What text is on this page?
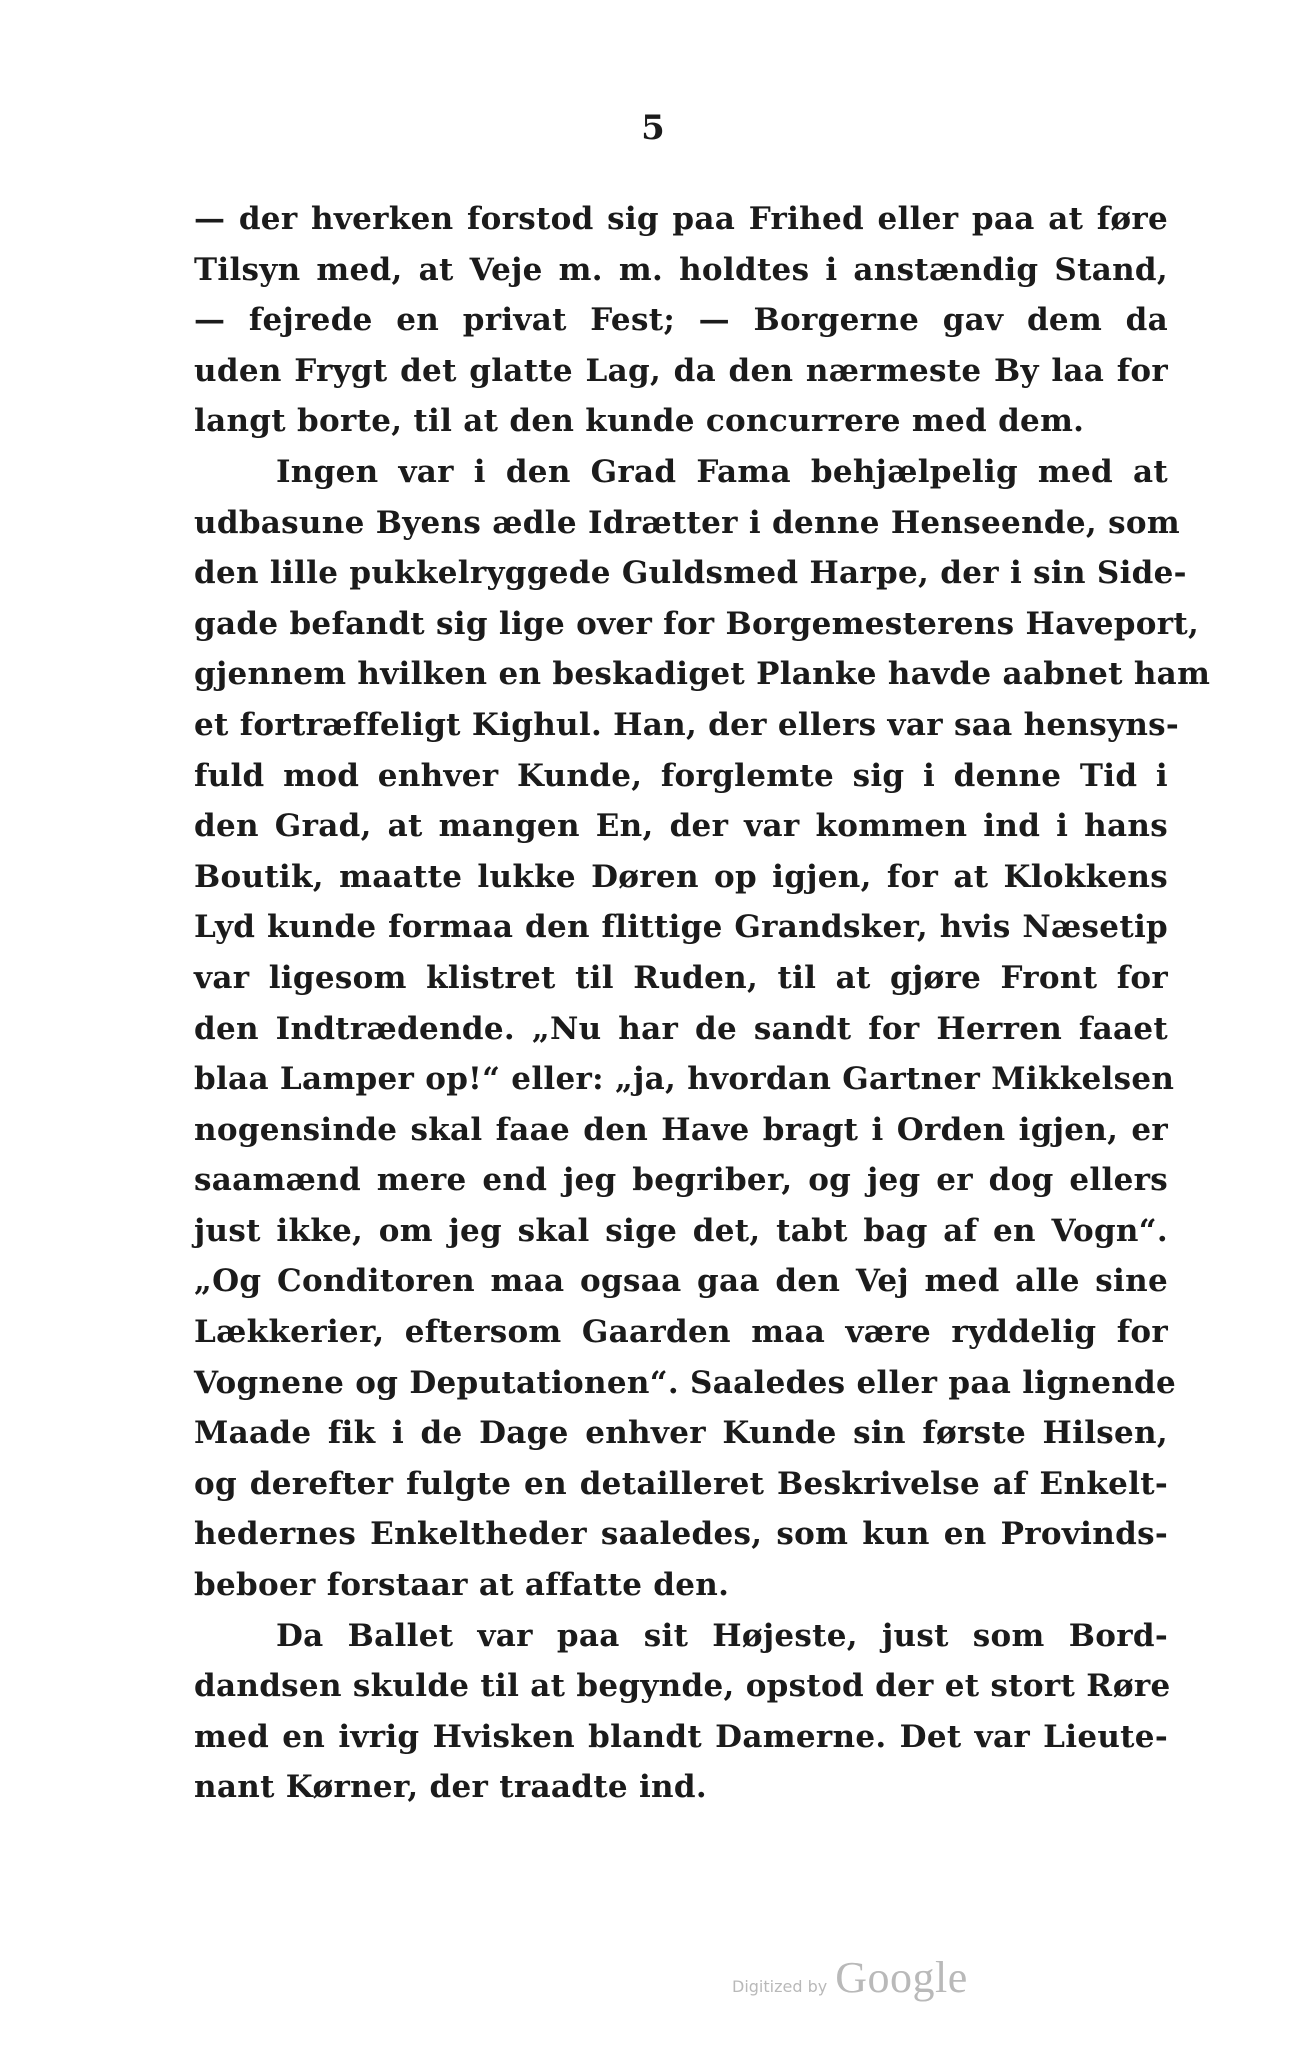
5
— der hverken forstod sig paa Frihed eller paa at føre
Tilsyn med, at Veje m. m. holdtes i anstændig Stand,
— fejrede en privat Fest; — Borgerne gav dem da
uden Frygt det glatte Lag, da den nærmeste By laa for
langt borte, til at den kunde concurrere med dem.
Ingen var i den Grad Fama behjælpelig med at
udbasune Byens ædle Idrætter i denne Henseende, som
den lille pukkelryggede Guldsmed Harpe, der i sin Side-
gade befandt sig lige over for Borgemesterens Haveport,
gjennem hvilken en beskadiget Planke havde aabnet ham
et fortræffeligt Kighul. Han, der ellers var saa hensyns-
fuld mod enhver Kunde, forglemte sig i denne Tid i
den Grad, at mangen En, der var kommen ind i hans
Boutik, maatte lukke Døren op igjen, for at Klokkens
Lyd kunde formaa den flittige Grandsker, hvis Næsetip
var ligesom klistret til Ruden, til at gjøre Front for
den Indtrædende. „Nu har de sandt for Herren faaet
blaa Lamper op!“ eller: „ja, hvordan Gartner Mikkelsen
nogensinde skal faae den Have bragt i Orden igjen, er
saamænd mere end jeg begriber, og jeg er dog ellers
just ikke, om jeg skal sige det, tabt bag af en Vogn“.
„Og Conditoren maa ogsaa gaa den Vej med alle sine
Lækkerier, eftersom Gaarden maa være ryddelig for
Vognene og Deputationen“. Saaledes eller paa lignende
Maade fik i de Dage enhver Kunde sin første Hilsen,
og derefter fulgte en detailleret Beskrivelse af Enkelt-
hedernes Enkeltheder saaledes, som kun en Provinds-
beboer forstaar at affatte den.
Da Ballet var paa sit Højeste, just som Bord-
dandsen skulde til at begynde, opstod der et stort Røre
med en ivrig Hvisken blandt Damerne. Det var Lieute-
nant Kørner, der traadte ind.
Digitized by Google
